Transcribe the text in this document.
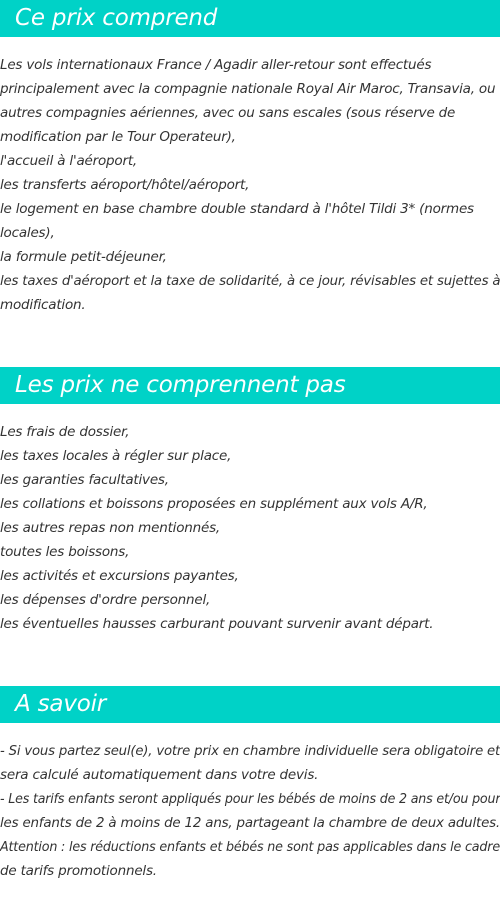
Ce prix comprend
Les vols internationaux France / Agadir aller-retour sont effectués
principalement avec la compagnie nationale Royal Air Maroc, Transavia, ou
autres compagnies aériennes, avec ou sans escales (sous réserve de
modification par le Tour Operateur),
l'accueil à l'aéroport,
les transferts aéroport/hôtel/aéroport,
le logement en base chambre double standard à l'hôtel Tildi 3* (normes
locales),
la formule petit-déjeuner,
les taxes d'aéroport et la taxe de solidarité, à ce jour, révisables et sujettes à
modification.
Les prix ne comprennent pas
Les frais de dossier,
les taxes locales à régler sur place,
les garanties facultatives,
les collations et boissons proposées en supplément aux vols A/R,
les autres repas non mentionnés,
toutes les boissons,
les activités et excursions payantes,
les dépenses d'ordre personnel,
les éventuelles hausses carburant pouvant survenir avant départ.
A savoir
- Si vous partez seul(e), votre prix en chambre individuelle sera obligatoire et
sera calculé automatiquement dans votre devis.
- Les tarifs enfants seront appliqués pour les bébés de moins de 2 ans et/ou pour
les enfants de 2 à moins de 12 ans, partageant la chambre de deux adultes.
Attention : les réductions enfants et bébés ne sont pas applicables dans le cadre
de tarifs promotionnels.
